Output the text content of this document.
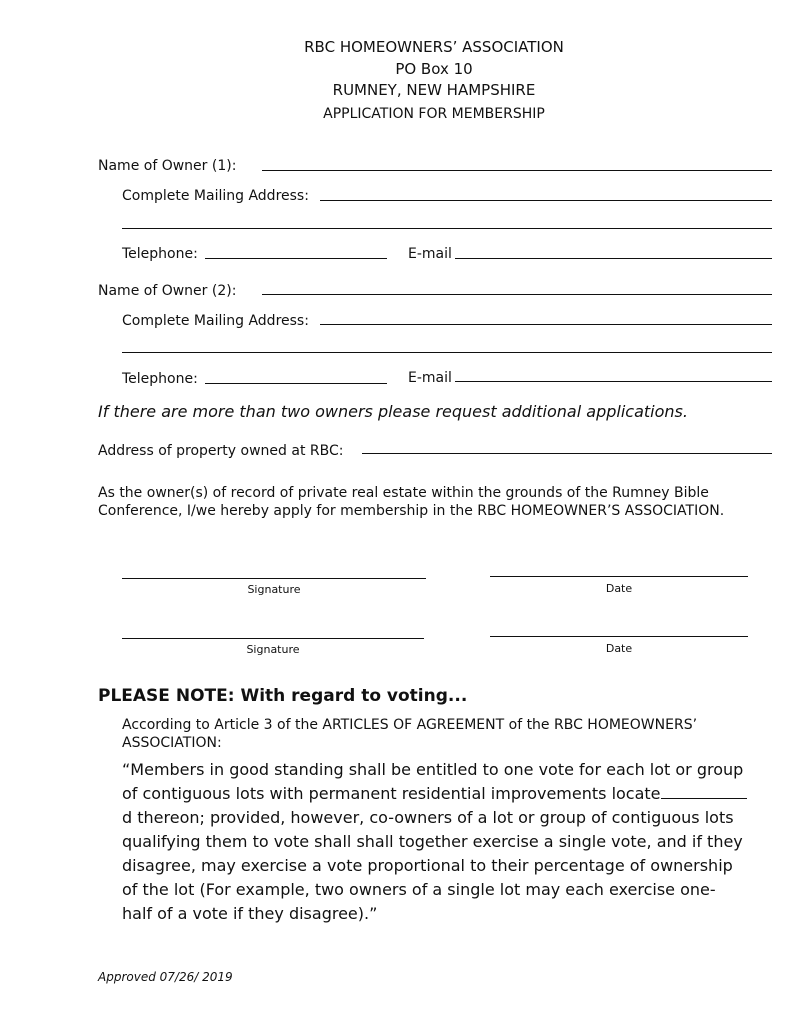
RBC HOMEOWNERS’ ASSOCIATION
PO Box 10
RUMNEY, NEW HAMPSHIRE
APPLICATION FOR MEMBERSHIP
Name of Owner (1):
Complete Mailing Address:
Telephone:	E-mail
Name of Owner (2):
Complete Mailing Address:
Telephone:	E-mail
If there are more than two owners please request additional applications.
Address of property owned at RBC:
As the owner(s) of record of private real estate within the grounds of the Rumney Bible
Conference, I/we hereby apply for membership in the RBC HOMEOWNER’S ASSOCIATION.
Signature	Date
Signature	Date
PLEASE NOTE: With regard to voting...
According to Article 3 of the ARTICLES OF AGREEMENT of the RBC HOMEOWNERS’
ASSOCIATION:
“Members in good standing shall be entitled to one vote for each lot or group
of contiguous lots with permanent residential improvements locate
d thereon; provided, however, co-owners of a lot or group of contiguous lots
qualifying them to vote shall shall together exercise a single vote, and if they
disagree, may exercise a vote proportional to their percentage of ownership
of the lot (For example, two owners of a single lot may each exercise one-
half of a vote if they disagree).”
Approved 07/26/ 2019
